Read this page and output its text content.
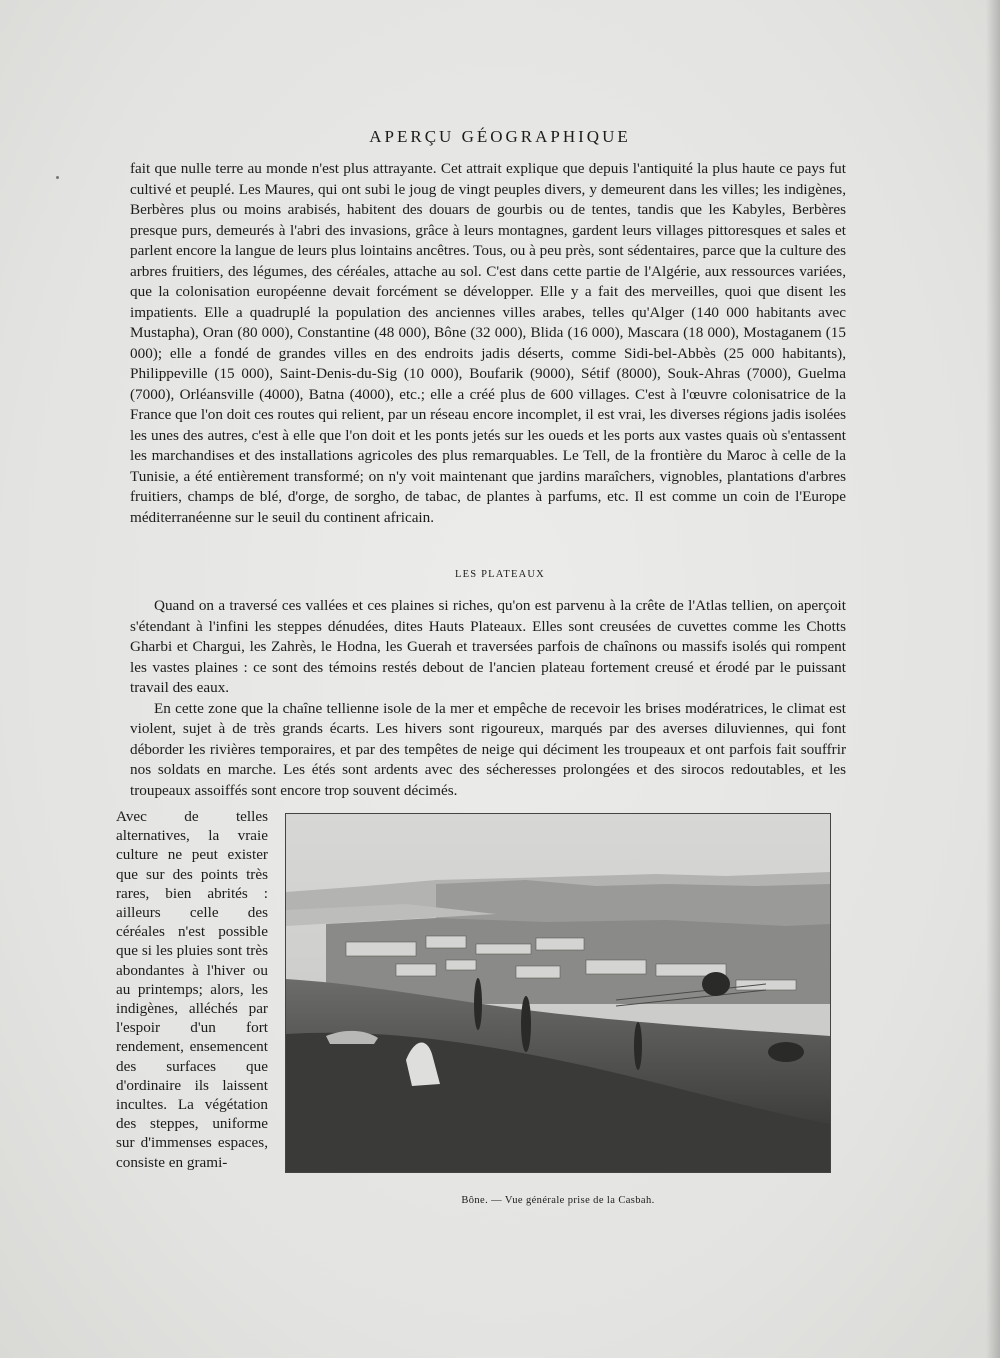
APERÇU GÉOGRAPHIQUE

fait que nulle terre au monde n'est plus attrayante. Cet attrait explique que depuis l'antiquité la plus haute ce pays fut cultivé et peuplé. Les Maures, qui ont subi le joug de vingt peuples divers, y demeurent dans les villes; les indigènes, Berbères plus ou moins arabisés, habitent des douars de gourbis ou de tentes, tandis que les Kabyles, Berbères presque purs, demeurés à l'abri des invasions, grâce à leurs montagnes, gardent leurs villages pittoresques et sales et parlent encore la langue de leurs plus lointains ancêtres. Tous, ou à peu près, sont sédentaires, parce que la culture des arbres fruitiers, des légumes, des céréales, attache au sol. C'est dans cette partie de l'Algérie, aux ressources variées, que la colonisation européenne devait forcément se développer. Elle y a fait des merveilles, quoi que disent les impatients. Elle a quadruplé la population des anciennes villes arabes, telles qu'Alger (140 000 habitants avec Mustapha), Oran (80 000), Constantine (48 000), Bône (32 000), Blida (16 000), Mascara (18 000), Mostaganem (15 000); elle a fondé de grandes villes en des endroits jadis déserts, comme Sidi-bel-Abbès (25 000 habitants), Philippeville (15 000), Saint-Denis-du-Sig (10 000), Boufarik (9000), Sétif (8000), Souk-Ahras (7000), Guelma (7000), Orléansville (4000), Batna (4000), etc.; elle a créé plus de 600 villages. C'est à l'œuvre colonisatrice de la France que l'on doit ces routes qui relient, par un réseau encore incomplet, il est vrai, les diverses régions jadis isolées les unes des autres, c'est à elle que l'on doit et les ponts jetés sur les oueds et les ports aux vastes quais où s'entassent les marchandises et des installations agricoles des plus remarquables. Le Tell, de la frontière du Maroc à celle de la Tunisie, a été entièrement transformé; on n'y voit maintenant que jardins maraîchers, vignobles, plantations d'arbres fruitiers, champs de blé, d'orge, de sorgho, de tabac, de plantes à parfums, etc. Il est comme un coin de l'Europe méditerranéenne sur le seuil du continent africain.

LES PLATEAUX

Quand on a traversé ces vallées et ces plaines si riches, qu'on est parvenu à la crête de l'Atlas tellien, on aperçoit s'étendant à l'infini les steppes dénudées, dites Hauts Plateaux. Elles sont creusées de cuvettes comme les Chotts Gharbi et Chargui, les Zahrès, le Hodna, les Guerah et traversées parfois de chaînons ou massifs isolés qui rompent les vastes plaines : ce sont des témoins restés debout de l'ancien plateau fortement creusé et érodé par le puissant travail des eaux.

En cette zone que la chaîne tellienne isole de la mer et empêche de recevoir les brises modératrices, le climat est violent, sujet à de très grands écarts. Les hivers sont rigoureux, marqués par des averses diluviennes, qui font déborder les rivières temporaires, et par des tempêtes de neige qui déciment les troupeaux et ont parfois fait souffrir nos soldats en marche. Les étés sont ardents avec des sécheresses prolongées et des sirocos redoutables, et les troupeaux assoiffés sont encore trop souvent décimés.

Avec de telles alternatives, la vraie culture ne peut exister que sur des points très rares, bien abrités : ailleurs celle des céréales n'est possible que si les pluies sont très abondantes à l'hiver ou au printemps; alors, les indigènes, alléchés par l'espoir d'un fort rendement, ensemencent des surfaces que d'ordinaire ils laissent incultes. La végétation des steppes, uniforme sur d'immenses espaces, consiste en grami-

Bône. — Vue générale prise de la Casbah.
